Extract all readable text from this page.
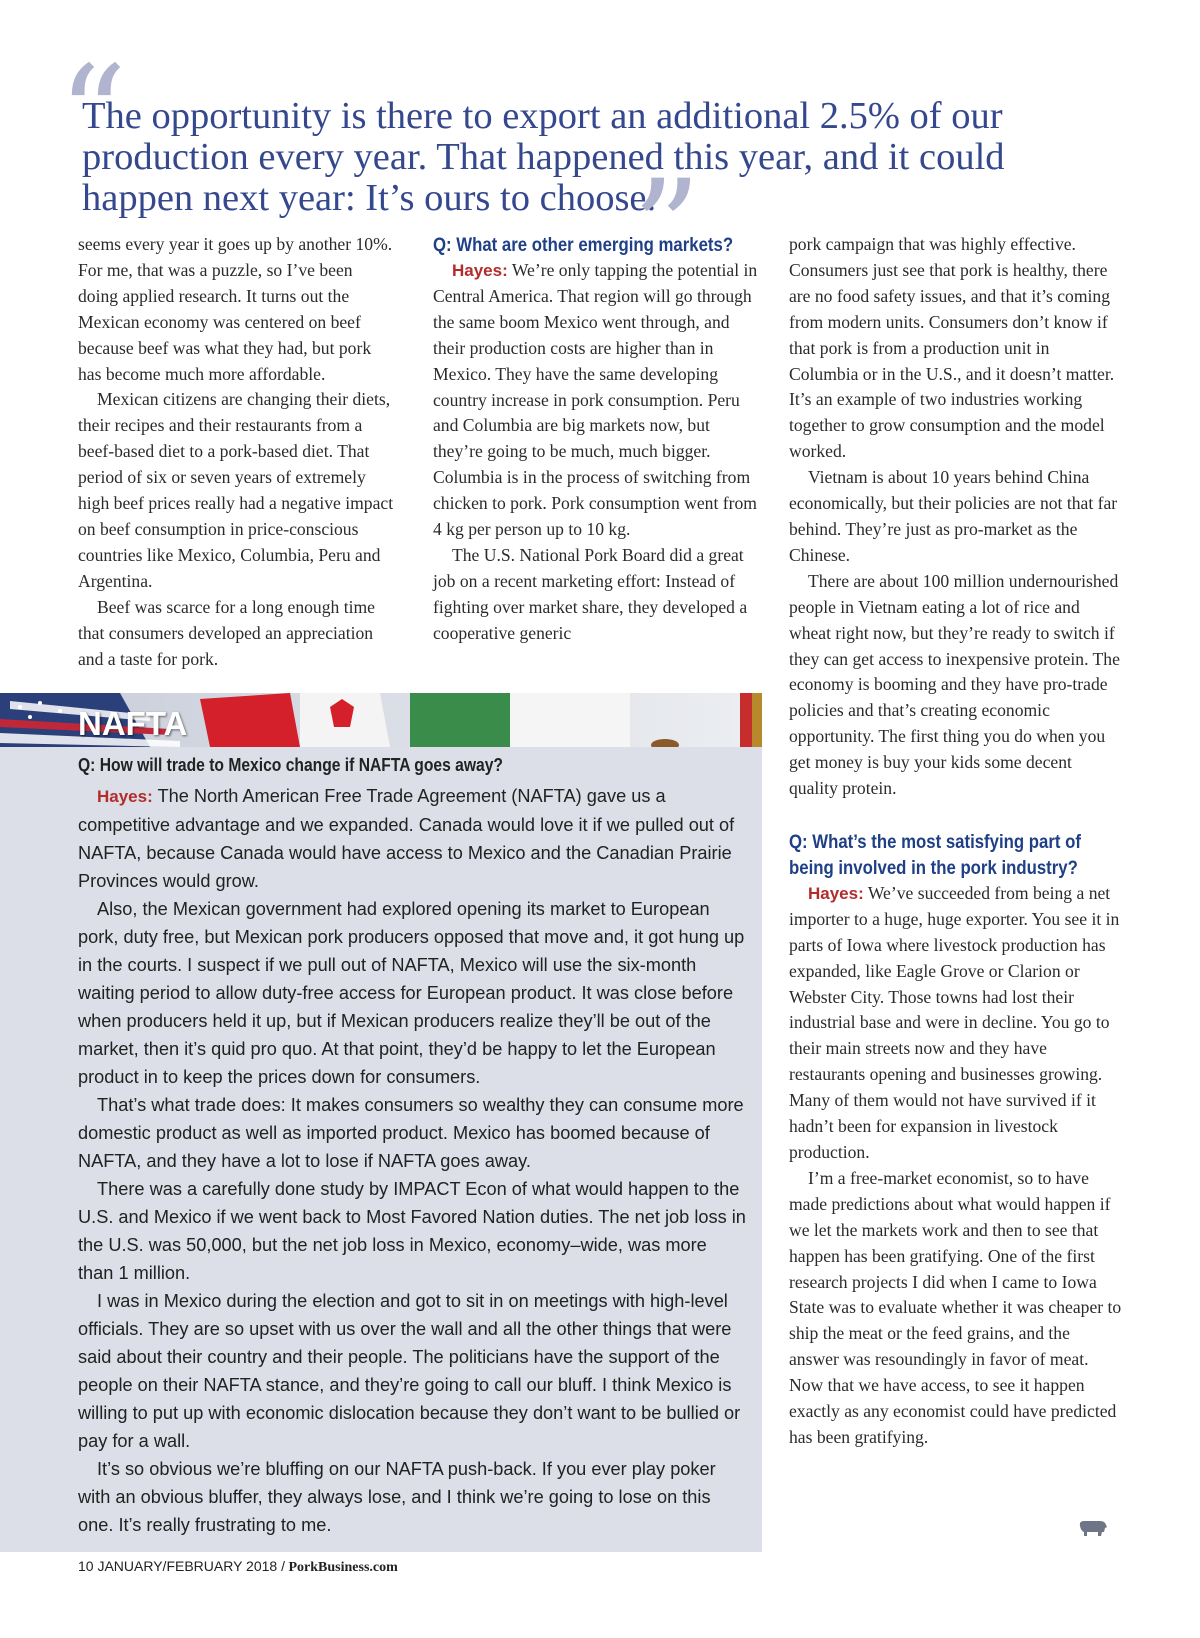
“

The opportunity is there to export an additional 2.5% of our production every year. That happened this year, and it could happen next year: It’s ours to choose.

”

seems every year it goes up by another 10%. For me, that was a puzzle, so I’ve been doing applied research. It turns out the Mexican economy was centered on beef because beef was what they had, but pork has become much more affordable.

Mexican citizens are changing their diets, their recipes and their restaurants from a beef-based diet to a pork-based diet. That period of six or seven years of extremely high beef prices really had a negative impact on beef consumption in price-conscious countries like Mexico, Columbia, Peru and Argentina.

Beef was scarce for a long enough time that consumers developed an appreciation and a taste for pork.

Q: What are other emerging markets?

Hayes: We’re only tapping the potential in Central America. That region will go through the same boom Mexico went through, and their production costs are higher than in Mexico. They have the same developing country increase in pork consumption. Peru and Columbia are big markets now, but they’re going to be much, much bigger. Columbia is in the process of switching from chicken to pork. Pork consumption went from 4 kg per person up to 10 kg.

The U.S. National Pork Board did a great job on a recent marketing effort: Instead of fighting over market share, they developed a cooperative generic

pork campaign that was highly effective. Consumers just see that pork is healthy, there are no food safety issues, and that it’s coming from modern units. Consumers don’t know if that pork is from a production unit in Columbia or in the U.S., and it doesn’t matter. It’s an example of two industries working together to grow consumption and the model worked.

Vietnam is about 10 years behind China economically, but their policies are not that far behind. They’re just as pro-market as the Chinese.

There are about 100 million undernourished people in Vietnam eating a lot of rice and wheat right now, but they’re ready to switch if they can get access to inexpensive protein. The economy is booming and they have pro-trade policies and that’s creating economic opportunity. The first thing you do when you get money is buy your kids some decent quality protein.

Q: What’s the most satisfying part of

being involved in the pork industry?

Hayes: We’ve succeeded from being a net importer to a huge, huge exporter. You see it in parts of Iowa where livestock production has expanded, like Eagle Grove or Clarion or Webster City. Those towns had lost their industrial base and were in decline. You go to their main streets now and they have restaurants opening and businesses growing. Many of them would not have survived if it hadn’t been for expansion in livestock production.

I’m a free-market economist, so to have made predictions about what would happen if we let the markets work and then to see that happen has been gratifying. One of the first research projects I did when I came to Iowa State was to evaluate whether it was cheaper to ship the meat or the feed grains, and the answer was resoundingly in favor of meat. Now that we have access, to see it happen exactly as any economist could have predicted has been gratifying.

NAFTA

Q: How will trade to Mexico change if NAFTA goes away?

Hayes: The North American Free Trade Agreement (NAFTA) gave us a competitive advantage and we expanded. Canada would love it if we pulled out of NAFTA, because Canada would have access to Mexico and the Canadian Prairie Provinces would grow.

Also, the Mexican government had explored opening its market to European pork, duty free, but Mexican pork producers opposed that move and, it got hung up in the courts. I suspect if we pull out of NAFTA, Mexico will use the six-month waiting period to allow duty-free access for European product. It was close before when producers held it up, but if Mexican producers realize they’ll be out of the market, then it’s quid pro quo. At that point, they’d be happy to let the European product in to keep the prices down for consumers.

That’s what trade does: It makes consumers so wealthy they can consume more domestic product as well as imported product. Mexico has boomed because of NAFTA, and they have a lot to lose if NAFTA goes away.

There was a carefully done study by IMPACT Econ of what would happen to the U.S. and Mexico if we went back to Most Favored Nation duties. The net job loss in the U.S. was 50,000, but the net job loss in Mexico, economy–wide, was more than 1 million.

I was in Mexico during the election and got to sit in on meetings with high-level officials. They are so upset with us over the wall and all the other things that were said about their country and their people. The politicians have the support of the people on their NAFTA stance, and they’re going to call our bluff. I think Mexico is willing to put up with economic dislocation because they don’t want to be bullied or pay for a wall.

It’s so obvious we’re bluffing on our NAFTA push-back. If you ever play poker with an obvious bluffer, they always lose, and I think we’re going to lose on this one. It’s really frustrating to me.

10 JANUARY/FEBRUARY 2018 / PorkBusiness.com
